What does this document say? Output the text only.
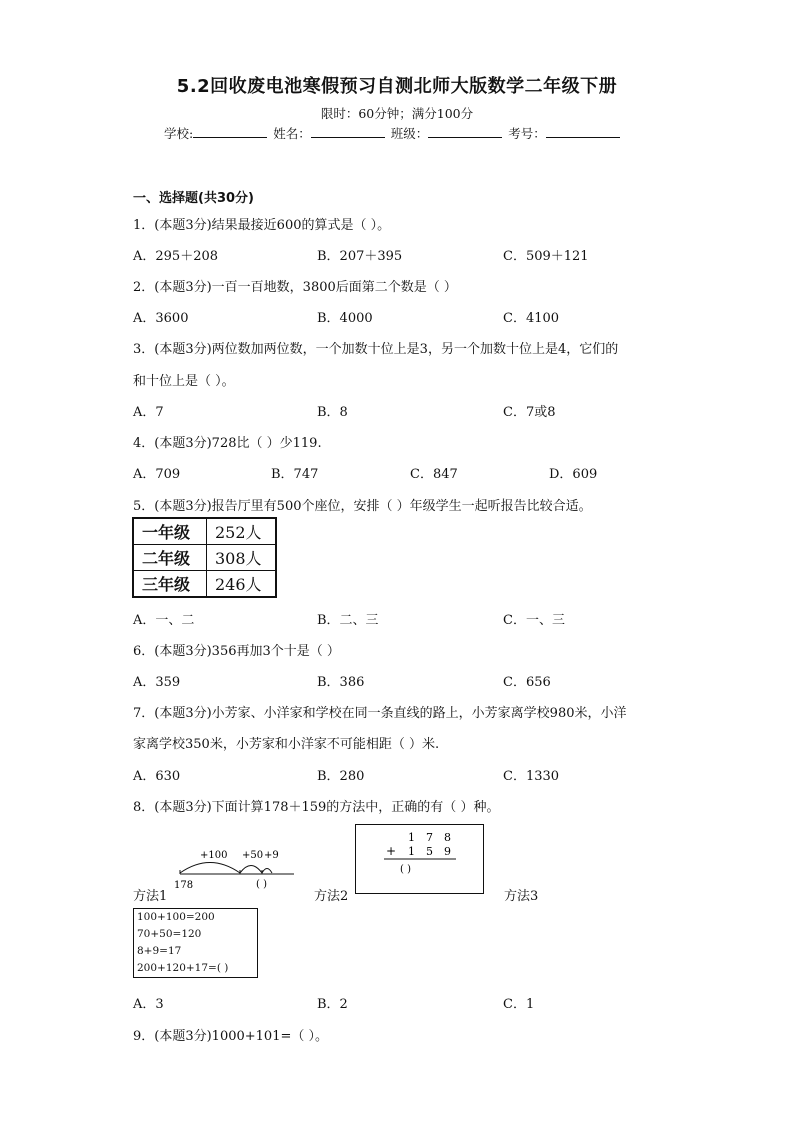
5.2回收废电池寒假预习自测北师大版数学二年级下册
限时：60分钟；满分100分
学校:	姓名：	班级：	考号：
一、选择题(共30分)
1．(本题3分)结果最接近600的算式是（ ）。
A．295＋208	B．207＋395	C．509＋121
2．(本题3分)一百一百地数，3800后面第二个数是（ ）
A．3600	B．4000	C．4100
3．(本题3分)两位数加两位数，一个加数十位上是3，另一个加数十位上是4，它们的
和十位上是（ ）。
A．7	B．8	C．7或8
4．(本题3分)728比（ ）少119.
A．709	B．747	C．847	D．609
5．(本题3分)报告厅里有500个座位，安排（ ）年级学生一起听报告比较合适。
一年级	252人
二年级	308人
三年级	246人
A．一、二	B．二、三	C．一、三
6．(本题3分)356再加3个十是（ ）
A．359	B．386	C．656
7．(本题3分)小芳家、小洋家和学校在同一条直线的路上，小芳家离学校980米，小洋
家离学校350米，小芳家和小洋家不可能相距（ ）米.
A．630	B．280	C．1330
8．(本题3分)下面计算178＋159的方法中，正确的有（ ）种。
+100 +50 +9
178	( )
方法1
1 7 8
+ 1 5 9
( )
方法2	方法3
100+100=200
70+50=120
8+9=17
200+120+17=( )
A．3	B．2	C．1
9．(本题3分)1000+101=（ ）。
